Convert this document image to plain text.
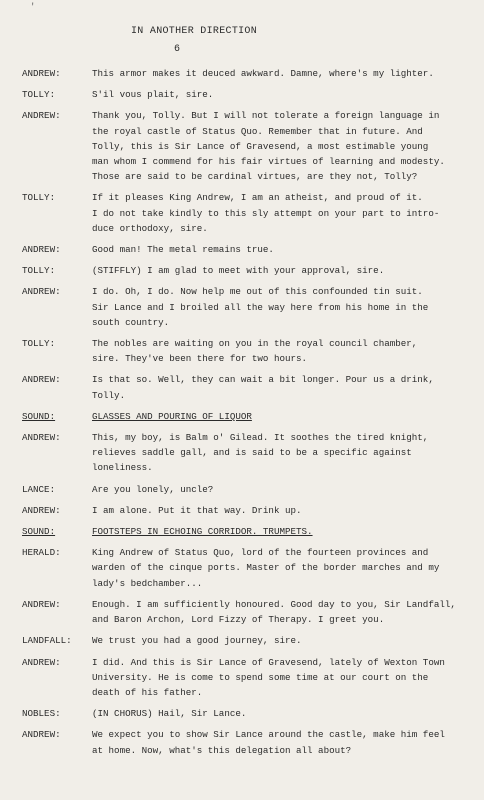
'
IN ANOTHER DIRECTION
6
ANDREW:	This armor makes it deuced awkward. Damne, where's my lighter.
TOLLY:	S'il vous plait, sire.
ANDREW:	Thank you, Tolly. But I will not tolerate a foreign language in
the royal castle of Status Quo. Remember that in future. And
Tolly, this is Sir Lance of Gravesend, a most estimable young
man whom I commend for his fair virtues of learning and modesty.
Those are said to be cardinal virtues, are they not, Tolly?
TOLLY:	If it pleases King Andrew, I am an atheist, and proud of it.
I do not take kindly to this sly attempt on your part to intro-
duce orthodoxy, sire.
ANDREW:	Good man! The metal remains true.
TOLLY:	(STIFFLY) I am glad to meet with your approval, sire.
ANDREW:	I do. Oh, I do. Now help me out of this confounded tin suit.
Sir Lance and I broiled all the way here from his home in the
south country.
TOLLY:	The nobles are waiting on you in the royal council chamber,
sire. They've been there for two hours.
ANDREW:	Is that so. Well, they can wait a bit longer. Pour us a drink,
Tolly.
SOUND:	GLASSES AND POURING OF LIQUOR
ANDREW:	This, my boy, is Balm o' Gilead. It soothes the tired knight,
relieves saddle gall, and is said to be a specific against
loneliness.
LANCE:	Are you lonely, uncle?
ANDREW:	I am alone. Put it that way. Drink up.
SOUND:	FOOTSTEPS IN ECHOING CORRIDOR. TRUMPETS.
HERALD:	King Andrew of Status Quo, lord of the fourteen provinces and
warden of the cinque ports. Master of the border marches and my
lady's bedchamber...
ANDREW:	Enough. I am sufficiently honoured. Good day to you, Sir Landfall,
and Baron Archon, Lord Fizzy of Therapy. I greet you.
LANDFALL:	We trust you had a good journey, sire.
ANDREW:	I did. And this is Sir Lance of Gravesend, lately of Wexton Town
University. He is come to spend some time at our court on the
death of his father.
NOBLES:	(IN CHORUS) Hail, Sir Lance.
ANDREW:	We expect you to show Sir Lance around the castle, make him feel
at home. Now, what's this delegation all about?
